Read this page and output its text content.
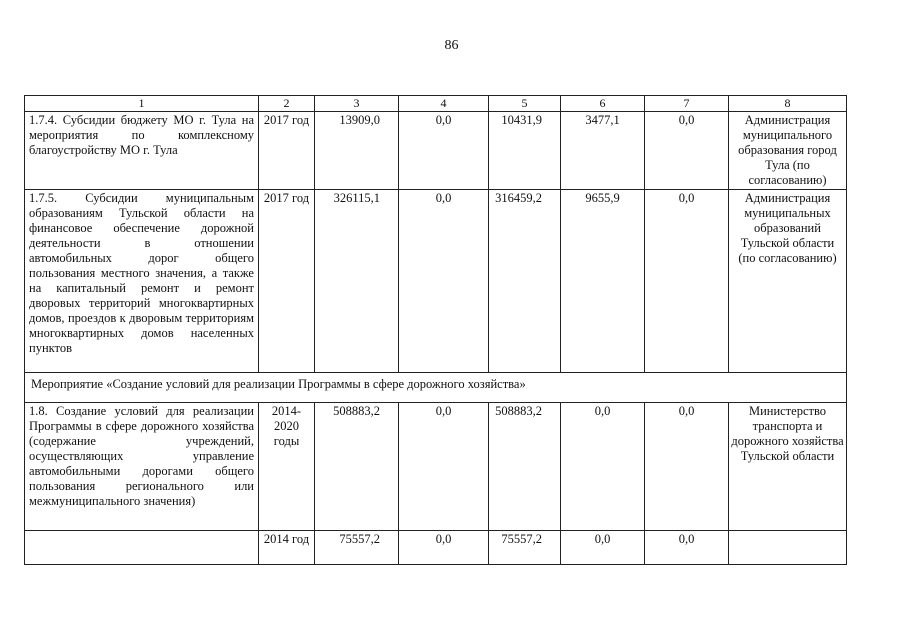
86
1	2	3	4	5	6	7	8
1.7.4. Субсидии бюджету МО г. Тула на мероприятия по комплексному благоустройству МО г. Тула	2017 год	13909,0	0,0	10431,9	3477,1	0,0	Администрация муниципального образования город Тула (по согласованию)
1.7.5. Субсидии муниципальным образованиям Тульской области на финансовое обеспечение дорожной деятельности в отношении автомобильных дорог общего пользования местного значения, а также на капитальный ремонт и ремонт дворовых территорий многоквартирных домов, проездов к дворовым территориям многоквартирных домов населенных пунктов	2017 год	326115,1	0,0	316459,2	9655,9	0,0	Администрация муниципальных образований Тульской области (по согласованию)
Мероприятие «Создание условий для реализации Программы в сфере дорожного хозяйства»							
1.8. Создание условий для реализации Программы в сфере дорожного хозяйства (содержание учреждений, осуществляющих управление автомобильными дорогами общего пользования регионального или межмуниципального значения)	2014-2020 годы	508883,2	0,0	508883,2	0,0	0,0	Министерство транспорта и дорожного хозяйства Тульской области
	2014 год	75557,2	0,0	75557,2	0,0	0,0	
